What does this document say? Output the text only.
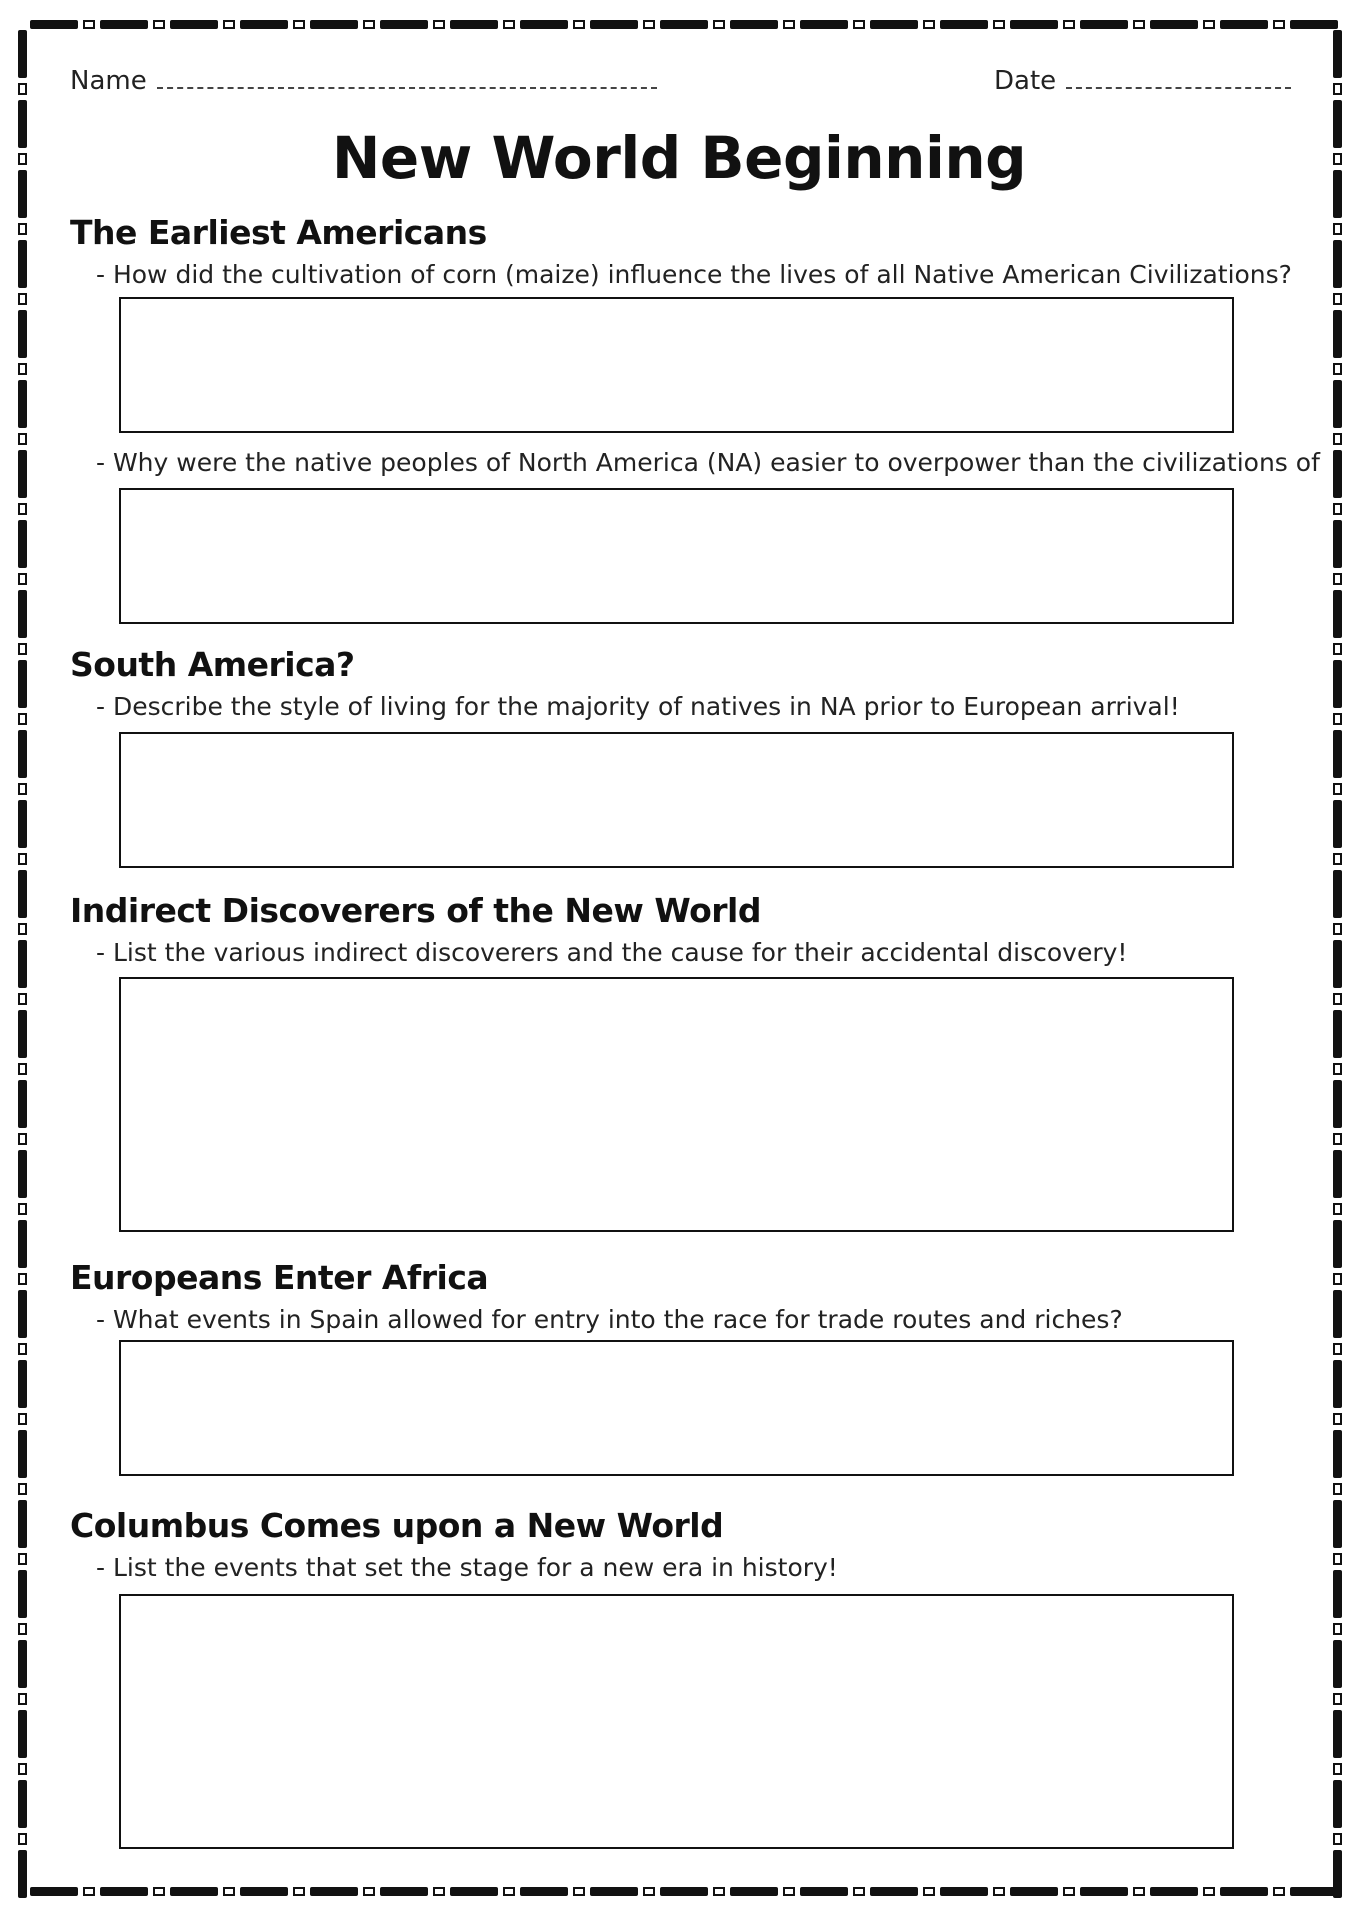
Name	Date
New World Beginning
The Earliest Americans
- How did the cultivation of corn (maize) influence the lives of all Native American Civilizations?
- Why were the native peoples of North America (NA) easier to overpower than the civilizations of
South America?
- Describe the style of living for the majority of natives in NA prior to European arrival!
Indirect Discoverers of the New World
- List the various indirect discoverers and the cause for their accidental discovery!
Europeans Enter Africa
- What events in Spain allowed for entry into the race for trade routes and riches?
Columbus Comes upon a New World
- List the events that set the stage for a new era in history!
